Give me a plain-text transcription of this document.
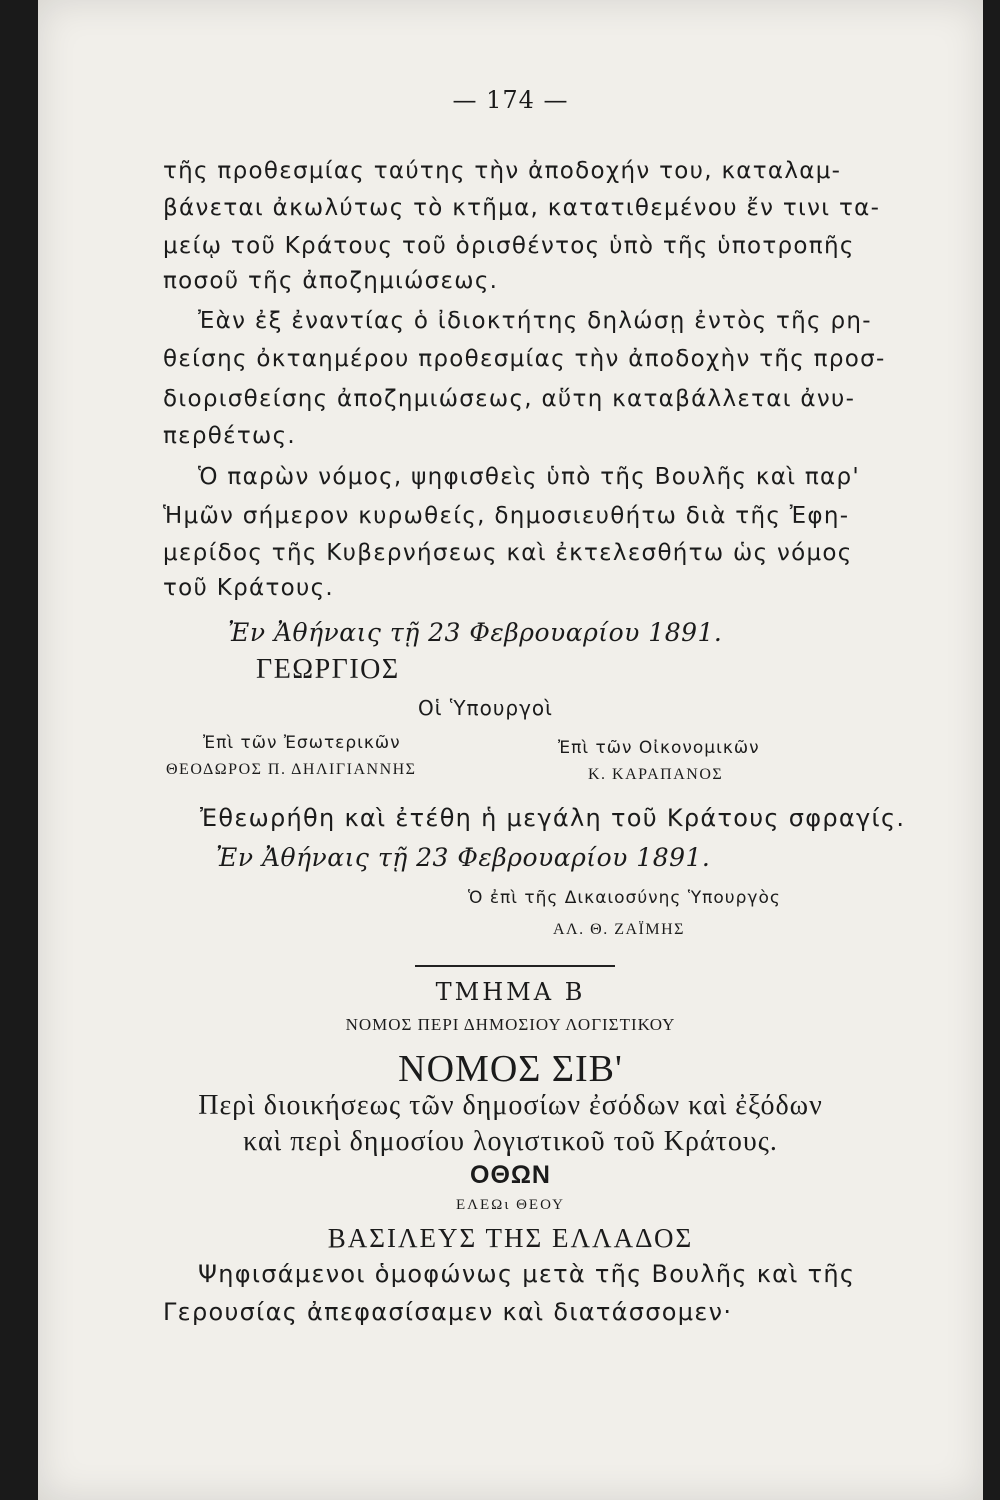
— 174 —
τῆς προθεσμίας ταύτης τὴν ἀποδοχήν του, καταλαμ-
βάνεται ἀκωλύτως τὸ κτῆμα, κατατιθεμένου ἔν τινι τα-
μείῳ τοῦ Κράτους τοῦ ὁρισθέντος ὑπὸ τῆς ὑποτροπῆς
ποσοῦ τῆς ἀποζημιώσεως.
Ἐὰν ἐξ ἐναντίας ὁ ἰδιοκτήτης δηλώσῃ ἐντὸς τῆς ρη-
θείσης ὀκταημέρου προθεσμίας τὴν ἀποδοχὴν τῆς προσ-
διορισθείσης ἀποζημιώσεως, αὕτη καταβάλλεται ἀνυ-
περθέτως.
Ὁ παρὼν νόμος, ψηφισθεὶς ὑπὸ τῆς Βουλῆς καὶ παρ'
Ἡμῶν σήμερον κυρωθείς, δημοσιευθήτω διὰ τῆς Ἐφη-
μερίδος τῆς Κυβερνήσεως καὶ ἐκτελεσθήτω ὡς νόμος
τοῦ Κράτους.
Ἐν Ἀθήναις τῇ 23 Φεβρουαρίου 1891.
ΓΕΩΡΓΙΟΣ
Οἱ Ὑπουργοὶ
Ἐπὶ τῶν Ἐσωτερικῶν
ΘΕΟΔΩΡΟΣ Π. ΔΗΛΙΓΙΑΝΝΗΣ
Ἐπὶ τῶν Οἰκονομικῶν
Κ. ΚΑΡΑΠΑΝΟΣ
Ἐθεωρήθη καὶ ἐτέθη ἡ μεγάλη τοῦ Κράτους σφραγίς.
Ἐν Ἀθήναις τῇ 23 Φεβρουαρίου 1891.
Ὁ ἐπὶ τῆς Δικαιοσύνης Ὑπουργὸς
ΑΛ. Θ. ΖΑΪΜΗΣ
ΤΜΗΜΑ Β
ΝΟΜΟΣ ΠΕΡΙ ΔΗΜΟΣΙΟΥ ΛΟΓΙΣΤΙΚΟΥ
ΝΟΜΟΣ ΣΙΒ'
Περὶ διοικήσεως τῶν δημοσίων ἐσόδων καὶ ἐξόδων
καὶ περὶ δημοσίου λογιστικοῦ τοῦ Κράτους.
ΟΘΩΝ
ΕΛΕΩι ΘΕΟΥ
ΒΑΣΙΛΕΥΣ ΤΗΣ ΕΛΛΑΔΟΣ
Ψηφισάμενοι ὁμοφώνως μετὰ τῆς Βουλῆς καὶ τῆς
Γερουσίας ἀπεφασίσαμεν καὶ διατάσσομεν·
